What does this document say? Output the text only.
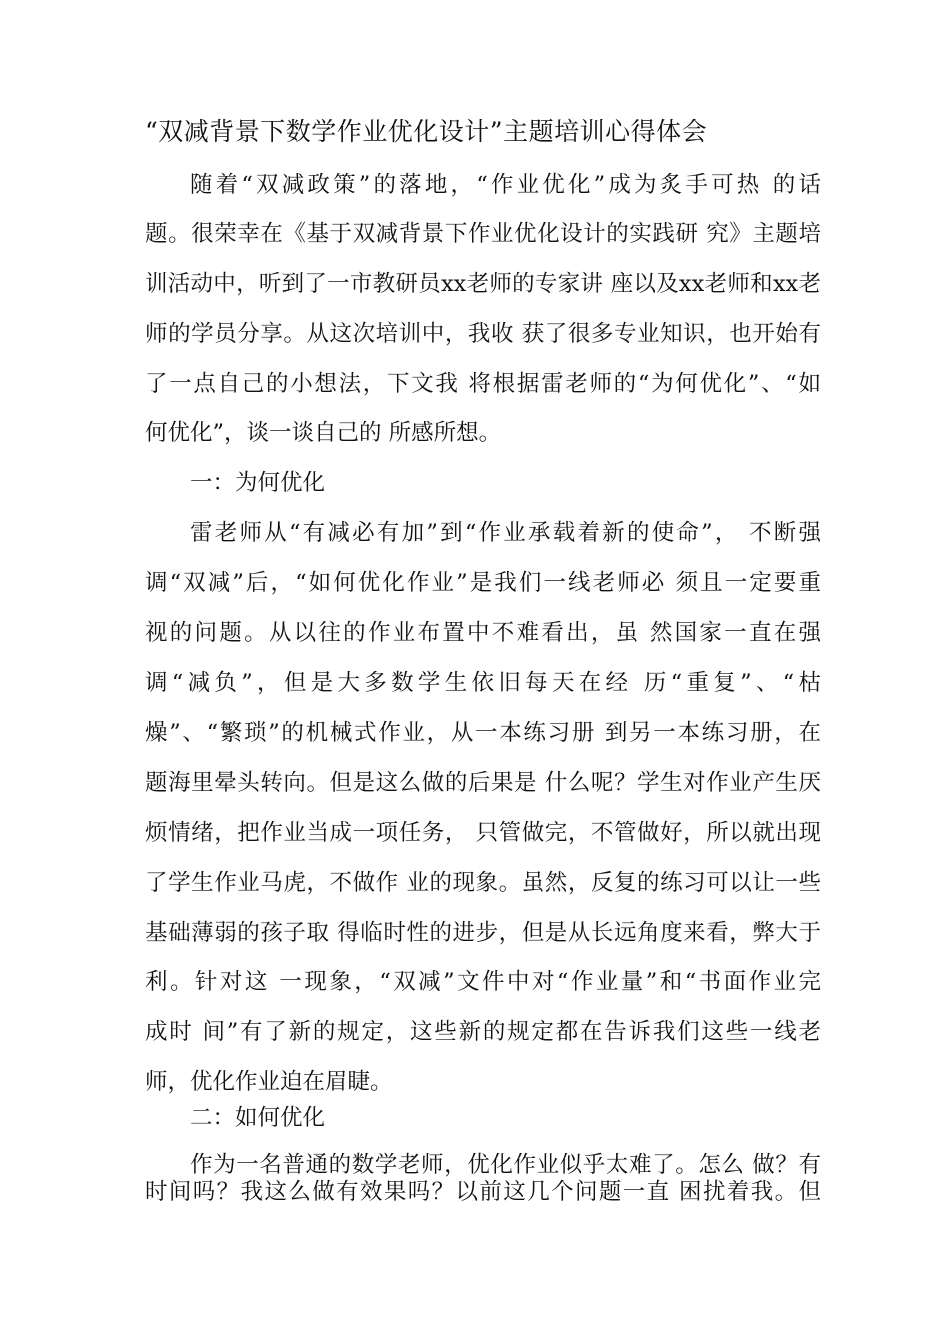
“双减背景下数学作业优化设计”主题培训心得体会
随着“双减政策”的落地，“作业优化”成为炙手可热 的话
题。很荣幸在《基于双减背景下作业优化设计的实践研 究》主题培
训活动中，听到了一市教研员xx老师的专家讲 座以及xx老师和xx老
师的学员分享。从这次培训中，我收 获了很多专业知识，也开始有
了一点自己的小想法，下文我 将根据雷老师的“为何优化”、“如
何优化”，谈一谈自己的 所感所想。
一：为何优化
雷老师从“有减必有加”到“作业承载着新的使命”， 不断强
调“双减”后，“如何优化作业”是我们一线老师必 须且一定要重
视的问题。从以往的作业布置中不难看出，虽 然国家一直在强
调“减负”，但是大多数学生依旧每天在经 历“重复”、“枯
燥”、“繁琐”的机械式作业，从一本练习册 到另一本练习册，在
题海里晕头转向。但是这么做的后果是 什么呢？学生对作业产生厌
烦情绪，把作业当成一项任务， 只管做完，不管做好，所以就出现
了学生作业马虎，不做作 业的现象。虽然，反复的练习可以让一些
基础薄弱的孩子取 得临时性的进步，但是从长远角度来看，弊大于
利。针对这 一现象，“双减”文件中对“作业量”和“书面作业完
成时 间”有了新的规定，这些新的规定都在告诉我们这些一线老
师，优化作业迫在眉睫。
二：如何优化
作为一名普通的数学老师，优化作业似乎太难了。怎么 做？有
时间吗？我这么做有效果吗？以前这几个问题一直 困扰着我。但
